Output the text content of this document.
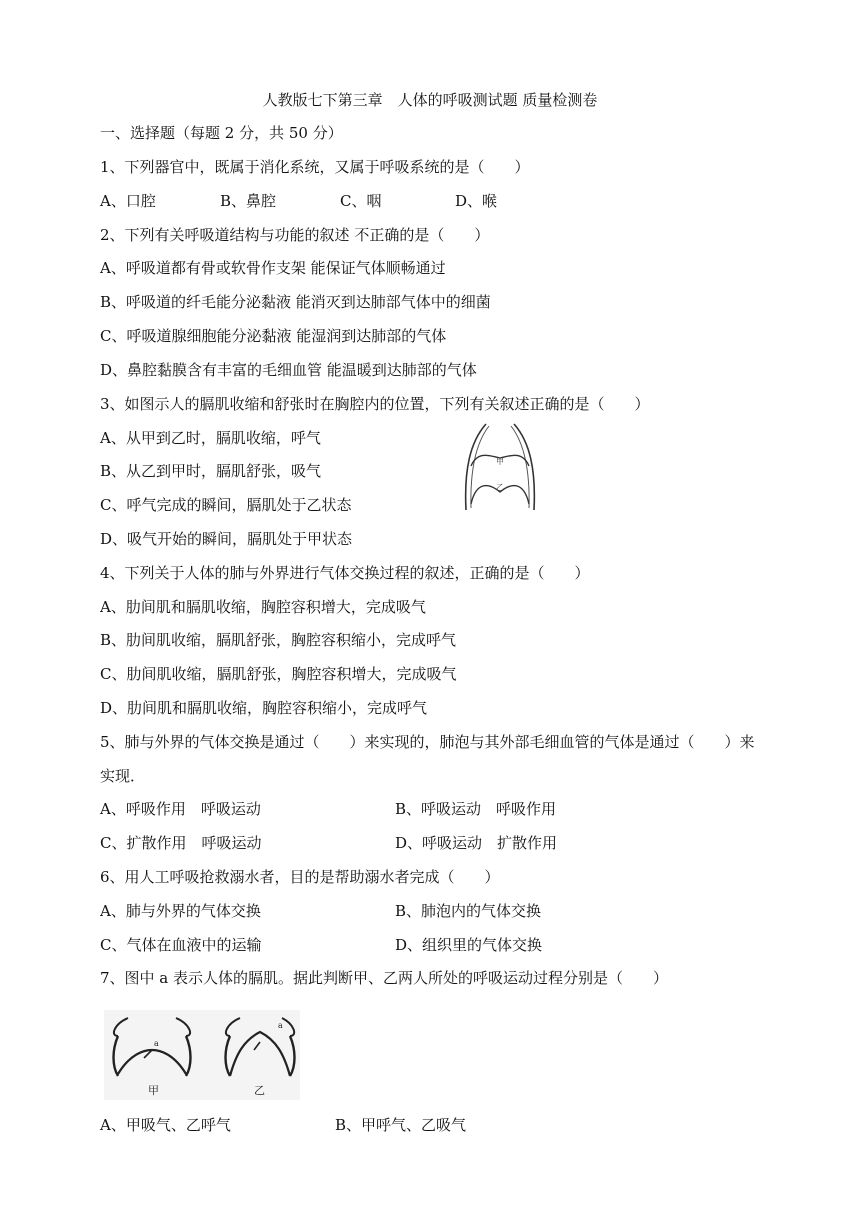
人教版七下第三章　人体的呼吸测试题 质量检测卷
一、选择题（每题 2 分，共 50 分）
1、下列器官中，既属于消化系统，又属于呼吸系统的是（　　）
A、口腔	B、鼻腔	C、咽	D、喉
2、下列有关呼吸道结构与功能的叙述 不正确的是（　　）
A、呼吸道都有骨或软骨作支架 能保证气体顺畅通过
B、呼吸道的纤毛能分泌黏液 能消灭到达肺部气体中的细菌
C、呼吸道腺细胞能分泌黏液 能湿润到达肺部的气体
D、鼻腔黏膜含有丰富的毛细血管 能温暖到达肺部的气体
3、如图示人的膈肌收缩和舒张时在胸腔内的位置，下列有关叙述正确的是（　　）
A、从甲到乙时，膈肌收缩，呼气
B、从乙到甲时，膈肌舒张，吸气
C、呼气完成的瞬间，膈肌处于乙状态
D、吸气开始的瞬间，膈肌处于甲状态
甲
乙
4、下列关于人体的肺与外界进行气体交换过程的叙述，正确的是（　　）
A、肋间肌和膈肌收缩，胸腔容积增大，完成吸气
B、肋间肌收缩，膈肌舒张，胸腔容积缩小，完成呼气
C、肋间肌收缩，膈肌舒张，胸腔容积增大，完成吸气
D、肋间肌和膈肌收缩，胸腔容积缩小，完成呼气
5、肺与外界的气体交换是通过（　　）来实现的，肺泡与其外部毛细血管的气体是通过（　　）来
实现．
A、呼吸作用　呼吸运动	B、呼吸运动　呼吸作用
C、扩散作用　呼吸运动	D、呼吸运动　扩散作用
6、用人工呼吸抢救溺水者，目的是帮助溺水者完成（　　）
A、肺与外界的气体交换	B、肺泡内的气体交换
C、气体在血液中的运输	D、组织里的气体交换
7、图中 a 表示人体的膈肌。据此判断甲、乙两人所处的呼吸运动过程分别是（　　）
a
甲
a
乙
A、甲吸气、乙呼气	B、甲呼气、乙吸气
